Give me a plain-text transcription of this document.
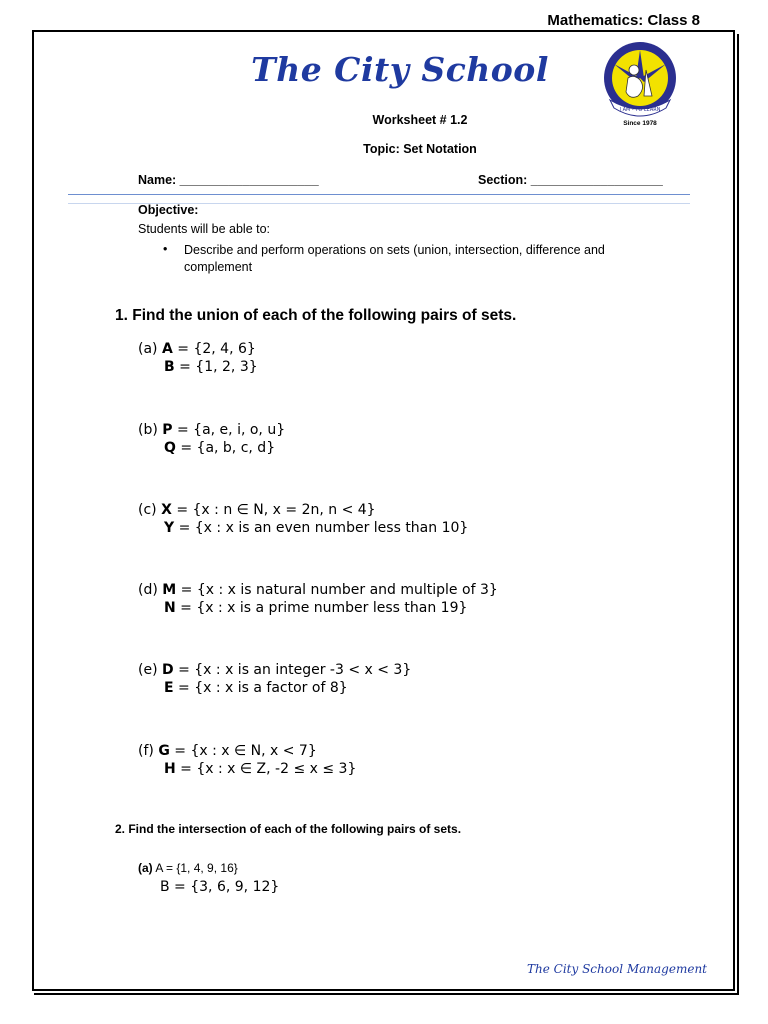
Mathematics: Class 8
The City School
I AM - TO LEARN
Since 1978
Worksheet # 1.2
Topic: Set Notation
Name: ____________________	Section: ___________________
Objective:
Students will be able to:
• Describe and perform operations on sets (union, intersection, difference and complement
1. Find the union of each of the following pairs of sets.
(a) A = {2, 4, 6}
B = {1, 2, 3}
(b) P = {a, e, i, o, u}
Q = {a, b, c, d}
(c) X = {x : n ∈ N, x = 2n, n < 4}
Y = {x : x is an even number less than 10}
(d) M = {x : x is natural number and multiple of 3}
N = {x : x is a prime number less than 19}
(e) D = {x : x is an integer -3 < x < 3}
E = {x : x is a factor of 8}
(f) G = {x : x ∈ N, x < 7}
H = {x : x ∈ Z, -2 ≤ x ≤ 3}
2. Find the intersection of each of the following pairs of sets.
(a) A = {1, 4, 9, 16}
B = {3, 6, 9, 12}
The City School Management
